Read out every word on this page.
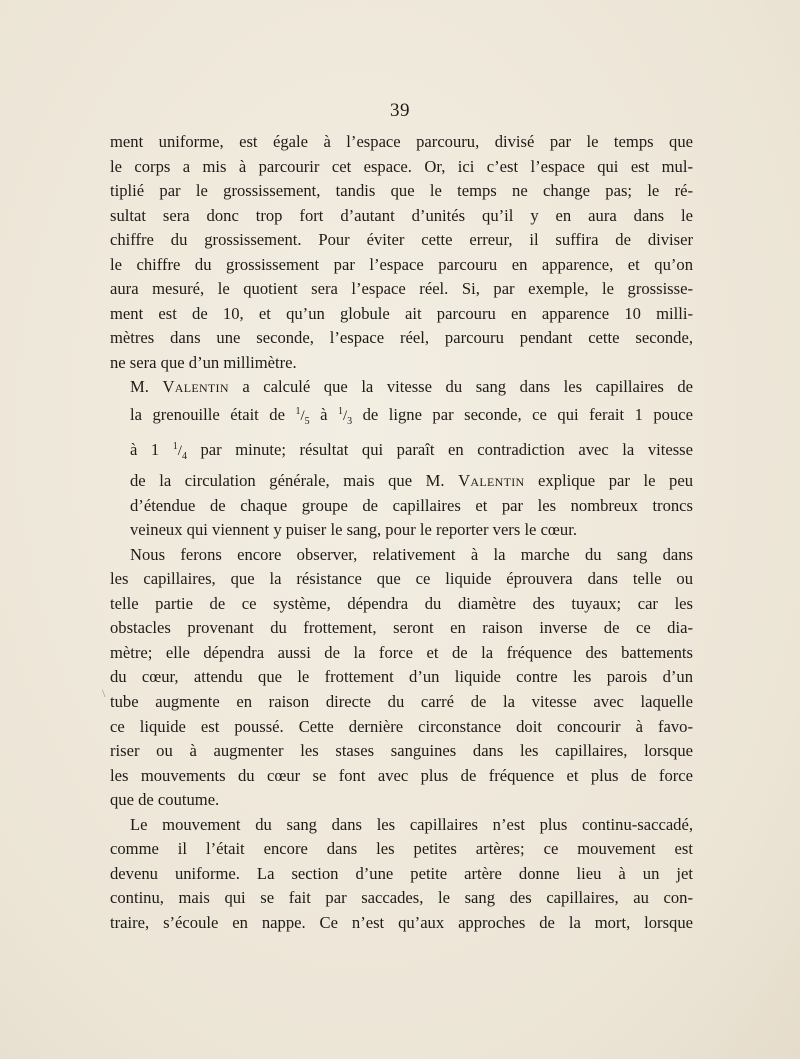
39
\
ment uniforme, est égale à l’espace parcouru, divisé par le temps que
le corps a mis à parcourir cet espace. Or, ici c’est l’espace qui est mul-
tiplié par le grossissement, tandis que le temps ne change pas; le ré-
sultat sera donc trop fort d’autant d’unités qu’il y en aura dans le
chiffre du grossissement. Pour éviter cette erreur, il suffira de diviser
le chiffre du grossissement par l’espace parcouru en apparence, et qu’on
aura mesuré, le quotient sera l’espace réel. Si, par exemple, le grossisse-
ment est de 10, et qu’un globule ait parcouru en apparence 10 milli-
mètres dans une seconde, l’espace réel, parcouru pendant cette seconde,
ne sera que d’un millimètre.
M. Valentin a calculé que la vitesse du sang dans les capillaires de
la grenouille était de $^1/_5$ à $^1/_3$ de ligne par seconde, ce qui ferait 1 pouce
à 1 $^1/_4$ par minute; résultat qui paraît en contradiction avec la vitesse
de la circulation générale, mais que M. Valentin explique par le peu
d’étendue de chaque groupe de capillaires et par les nombreux troncs
veineux qui viennent y puiser le sang, pour le reporter vers le cœur.
Nous ferons encore observer, relativement à la marche du sang dans
les capillaires, que la résistance que ce liquide éprouvera dans telle ou
telle partie de ce système, dépendra du diamètre des tuyaux; car les
obstacles provenant du frottement, seront en raison inverse de ce dia-
mètre; elle dépendra aussi de la force et de la fréquence des battements
du cœur, attendu que le frottement d’un liquide contre les parois d’un
tube augmente en raison directe du carré de la vitesse avec laquelle
ce liquide est poussé. Cette dernière circonstance doit concourir à favo-
riser ou à augmenter les stases sanguines dans les capillaires, lorsque
les mouvements du cœur se font avec plus de fréquence et plus de force
que de coutume.
Le mouvement du sang dans les capillaires n’est plus continu-saccadé,
comme il l’était encore dans les petites artères; ce mouvement est
devenu uniforme. La section d’une petite artère donne lieu à un jet
continu, mais qui se fait par saccades, le sang des capillaires, au con-
traire, s’écoule en nappe. Ce n’est qu’aux approches de la mort, lorsque
